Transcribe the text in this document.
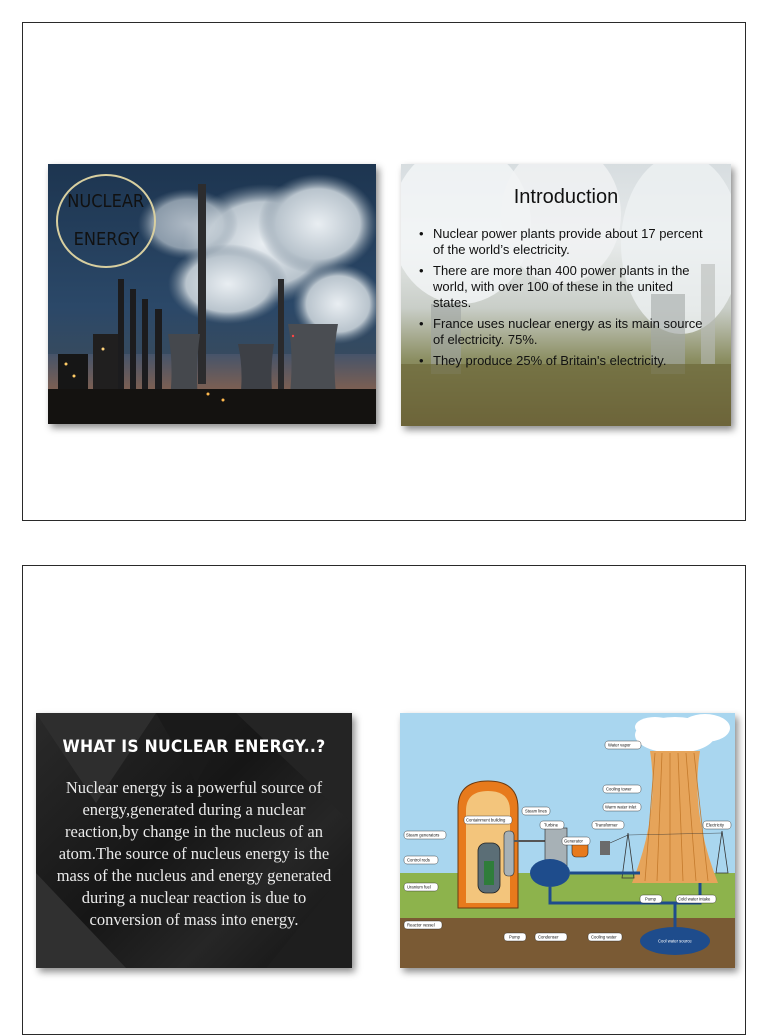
NUCLEAR
ENERGY
Introduction
• Nuclear power plants provide about 17 percent of the world’s electricity.
• There are more than 400 power plants in the world, with over 100 of these in the united states.
• France uses nuclear energy as its main source of electricity. 75%.
• They produce 25% of Britain's electricity.
WHAT IS NUCLEAR ENERGY..?
Nuclear energy is a powerful source of energy,generated during a nuclear reaction,by change in the nucleus of an atom.The source of nucleus energy is the mass of the nucleus and energy generated during a nuclear reaction is due to conversion of mass into energy.
Water vapor
Cooling tower
Warm water inlet
Containment building
Steam lines
Turbine	Transformer	Electricity
Generator
Steam generators
Control rods
Uranium fuel
Reactor vessel
Pump	Condenser	Cooling water
Pump	Cold water intake
Cool water source
